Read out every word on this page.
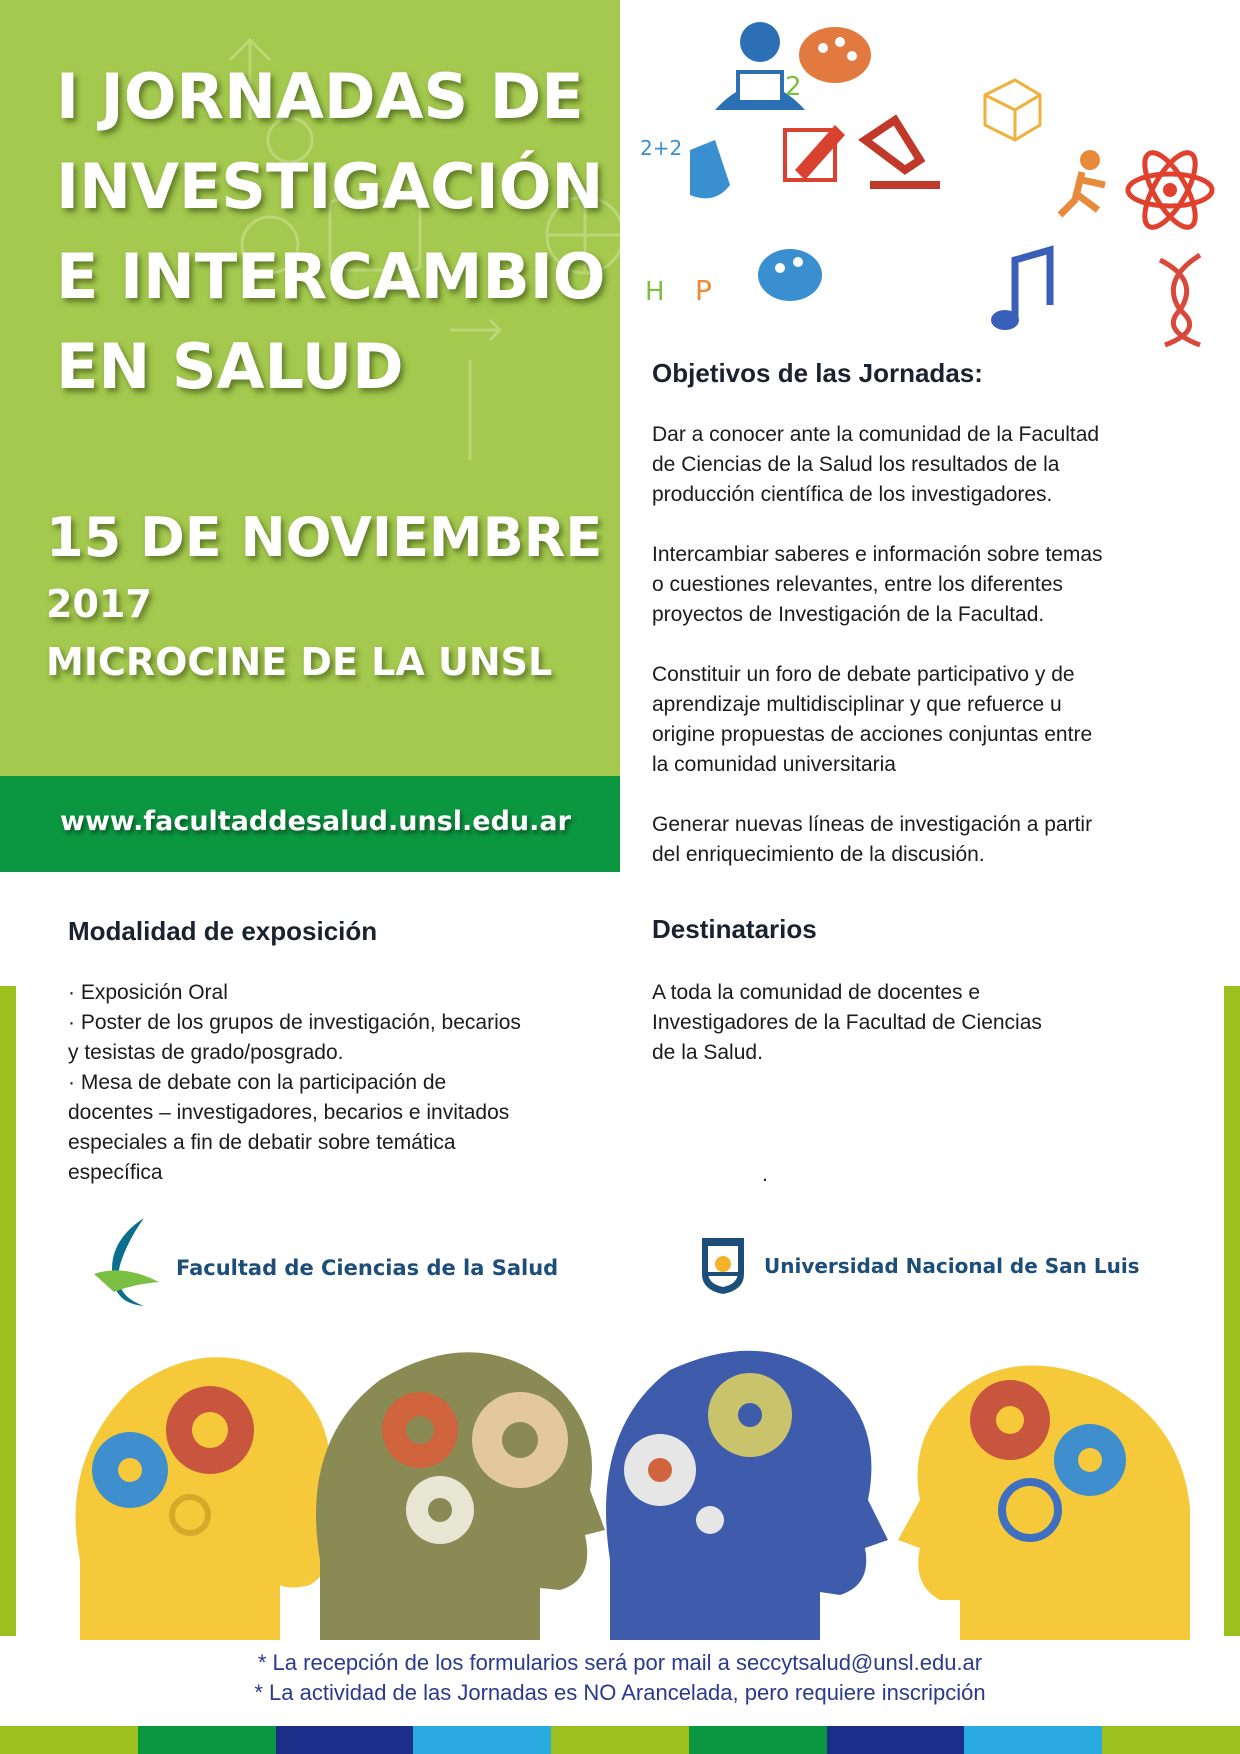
I JORNADAS DE
INVESTIGACIÓN
E INTERCAMBIO
EN SALUD

15 DE NOVIEMBRE

2017

MICROCINE DE LA UNSL

www.facultaddesalud.unsl.edu.ar
H
2
P
2+2
Objetivos de las Jornadas:
Dar a conocer ante la comunidad de la Facultad
de Ciencias de la Salud los resultados de la
producción científica de los investigadores.
Intercambiar saberes e información sobre temas
o cuestiones relevantes, entre los diferentes
proyectos de Investigación de la Facultad.
Constituir un foro de debate participativo y de
aprendizaje multidisciplinar y que refuerce u
origine propuestas de acciones conjuntas entre
la comunidad universitaria
Generar nuevas líneas de investigación a partir
del enriquecimiento de la discusión.
Modalidad de exposición
· Exposición Oral
· Poster de los grupos de investigación, becarios
y tesistas de grado/posgrado.
· Mesa de debate con la participación de
docentes – investigadores, becarios e invitados
especiales a fin de debatir sobre temática
específica
Destinatarios
A toda la comunidad de docentes e
Investigadores de la Facultad de Ciencias
de la Salud.
.
Facultad de Ciencias de la Salud	Universidad Nacional de San Luis

* La recepción de los formularios será por mail a seccytsalud@unsl.edu.ar

* La actividad de las Jornadas es NO Arancelada, pero requiere inscripción
